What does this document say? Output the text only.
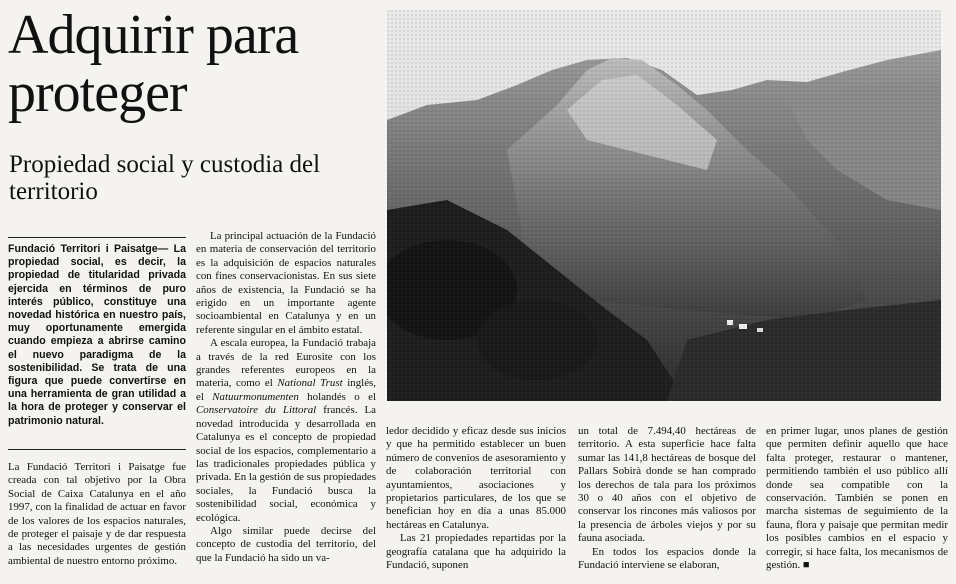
Adquirir para proteger
Propiedad social y custodia del territorio
Fundació Territori i Paisatge— La propiedad social, es decir, la propiedad de titularidad privada ejercida en términos de puro interés público, constituye una novedad histórica en nuestro país, muy oportunamente emergida cuando empieza a abrirse camino el nuevo paradigma de la sostenibilidad. Se trata de una figura que puede convertirse en una herramienta de gran utilidad a la hora de proteger y conservar el patrimonio natural.

La Fundació Territori i Paisatge fue creada con tal objetivo por la Obra Social de Caixa Catalunya en el año 1997, con la finalidad de actuar en favor de los valores de los espacios naturales, de proteger el paisaje y de dar respuesta a las necesidades urgentes de gestión ambiental de nuestro entorno próximo.

La principal actuación de la Fundació en materia de conservación del territorio es la adquisición de espacios naturales con fines conservacionistas. En sus siete años de existencia, la Fundació se ha erigido en un importante agente socioambiental en Catalunya y en un referente singular en el ámbito estatal.

A escala europea, la Fundació trabaja a través de la red Eurosite con los grandes referentes europeos en la materia, como el National Trust inglés, el Natuurmonumenten holandés o el Conservatoire du Littoral francés. La novedad introducida y desarrollada en Catalunya es el concepto de propiedad social de los espacios, complementario a las tradicionales propiedades pública y privada. En la gestión de sus propiedades sociales, la Fundació busca la sostenibilidad social, económica y ecológica.

Algo similar puede decirse del concepto de custodia del territorio, del que la Fundació ha sido un va-

ledor decidido y eficaz desde sus inicios y que ha permitido establecer un buen número de convenios de asesoramiento y de colaboración territorial con ayuntamientos, asociaciones y propietarios particulares, de los que se benefician hoy en día a unas 85.000 hectáreas en Catalunya.

Las 21 propiedades repartidas por la geografía catalana que ha adquirido la Fundació, suponen

un total de 7.494,40 hectáreas de territorio. A esta superficie hace falta sumar las 141,8 hectáreas de bosque del Pallars Sobirà donde se han comprado los derechos de tala para los próximos 30 o 40 años con el objetivo de conservar los rincones más valiosos por la presencia de árboles viejos y por su fauna asociada.

En todos los espacios donde la Fundació interviene se elaboran,

en primer lugar, unos planes de gestión que permiten definir aquello que hace falta proteger, restaurar o mantener, permitiendo también el uso público allí donde sea compatible con la conservación. También se ponen en marcha sistemas de seguimiento de la fauna, flora y paisaje que permitan medir los posibles cambios en el espacio y corregir, si hace falta, los mecanismos de gestión. ■
